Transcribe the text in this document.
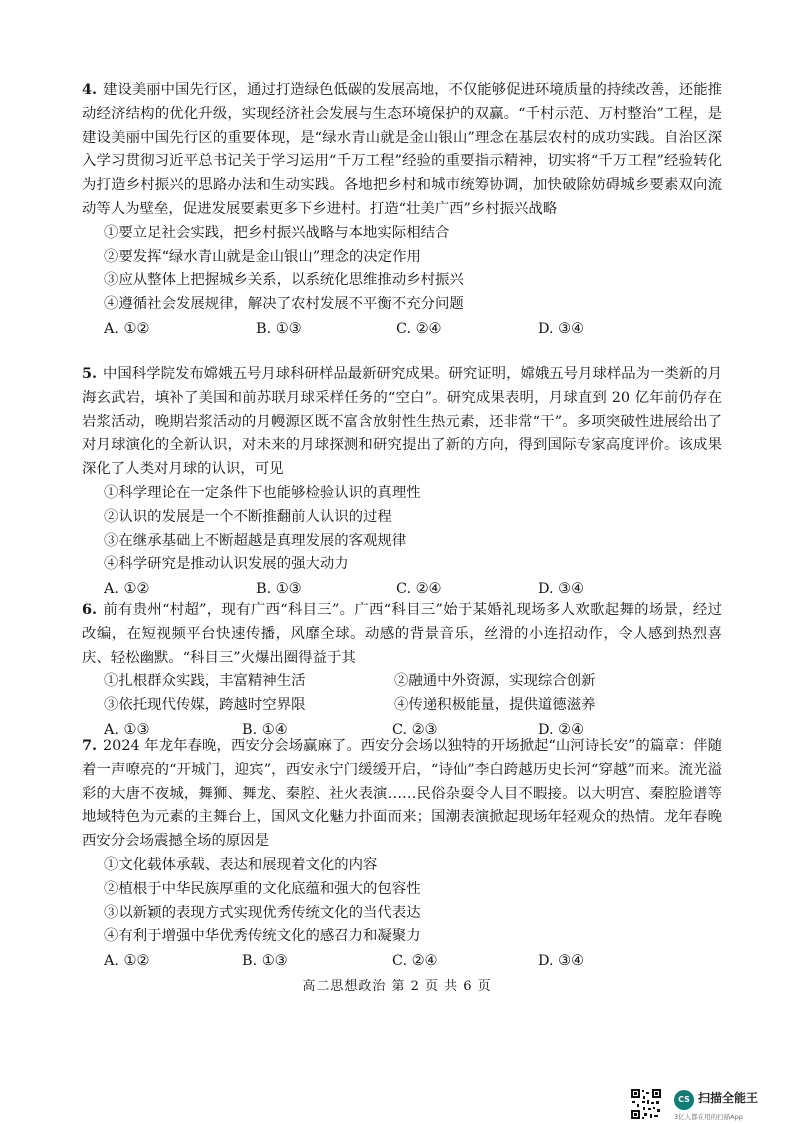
4. 建设美丽中国先行区，通过打造绿色低碳的发展高地，不仅能够促进环境质量的持续改善，还能推动经济结构的优化升级，实现经济社会发展与生态环境保护的双赢。“千村示范、万村整治”工程，是建设美丽中国先行区的重要体现，是“绿水青山就是金山银山”理念在基层农村的成功实践。自治区深入学习贯彻习近平总书记关于学习运用“千万工程”经验的重要指示精神，切实将“千万工程”经验转化为打造乡村振兴的思路办法和生动实践。各地把乡村和城市统筹协调，加快破除妨碍城乡要素双向流动等人为壁垒，促进发展要素更多下乡进村。打造“壮美广西”乡村振兴战略

①要立足社会实践，把乡村振兴战略与本地实际相结合

②要发挥“绿水青山就是金山银山”理念的决定作用

③应从整体上把握城乡关系，以系统化思维推动乡村振兴

④遵循社会发展规律，解决了农村发展不平衡不充分问题

A. ①②	B. ①③	C. ②④	D. ③④

5. 中国科学院发布嫦娥五号月球科研样品最新研究成果。研究证明，嫦娥五号月球样品为一类新的月海玄武岩，填补了美国和前苏联月球采样任务的“空白”。研究成果表明，月球直到 20 亿年前仍存在岩浆活动，晚期岩浆活动的月幔源区既不富含放射性生热元素，还非常“干”。多项突破性进展给出了对月球演化的全新认识，对未来的月球探测和研究提出了新的方向，得到国际专家高度评价。该成果深化了人类对月球的认识，可见

①科学理论在一定条件下也能够检验认识的真理性

②认识的发展是一个不断推翻前人认识的过程

③在继承基础上不断超越是真理发展的客观规律

④科学研究是推动认识发展的强大动力

A. ①②	B. ①③	C. ②④	D. ③④

6. 前有贵州“村超”，现有广西“科目三”。广西“科目三”始于某婚礼现场多人欢歌起舞的场景，经过改编，在短视频平台快速传播，风靡全球。动感的背景音乐，丝滑的小连招动作，令人感到热烈喜庆、轻松幽默。“科目三”火爆出圈得益于其

①扎根群众实践，丰富精神生活	②融通中外资源，实现综合创新
③依托现代传媒，跨越时空界限	④传递积极能量，提供道德滋养
A. ①③	B. ①④	C. ②③	D. ②④

7. 2024 年龙年春晚，西安分会场赢麻了。西安分会场以独特的开场掀起“山河诗长安”的篇章：伴随着一声嘹亮的“开城门，迎宾”，西安永宁门缓缓开启，“诗仙”李白跨越历史长河“穿越”而来。流光溢彩的大唐不夜城，舞狮、舞龙、秦腔、社火表演……民俗杂耍令人目不暇接。以大明宫、秦腔脸谱等地域特色为元素的主舞台上，国风文化魅力扑面而来；国潮表演掀起现场年轻观众的热情。龙年春晚西安分会场震撼全场的原因是

①文化载体承载、表达和展现着文化的内容

②植根于中华民族厚重的文化底蕴和强大的包容性

③以新颖的表现方式实现优秀传统文化的当代表达

④有利于增强中华优秀传统文化的感召力和凝聚力

A. ①②	B. ①③	C. ②④	D. ③④
高二思想政治 第 2 页 共 6 页
CS 扫描全能王
3亿人都在用的扫描App
